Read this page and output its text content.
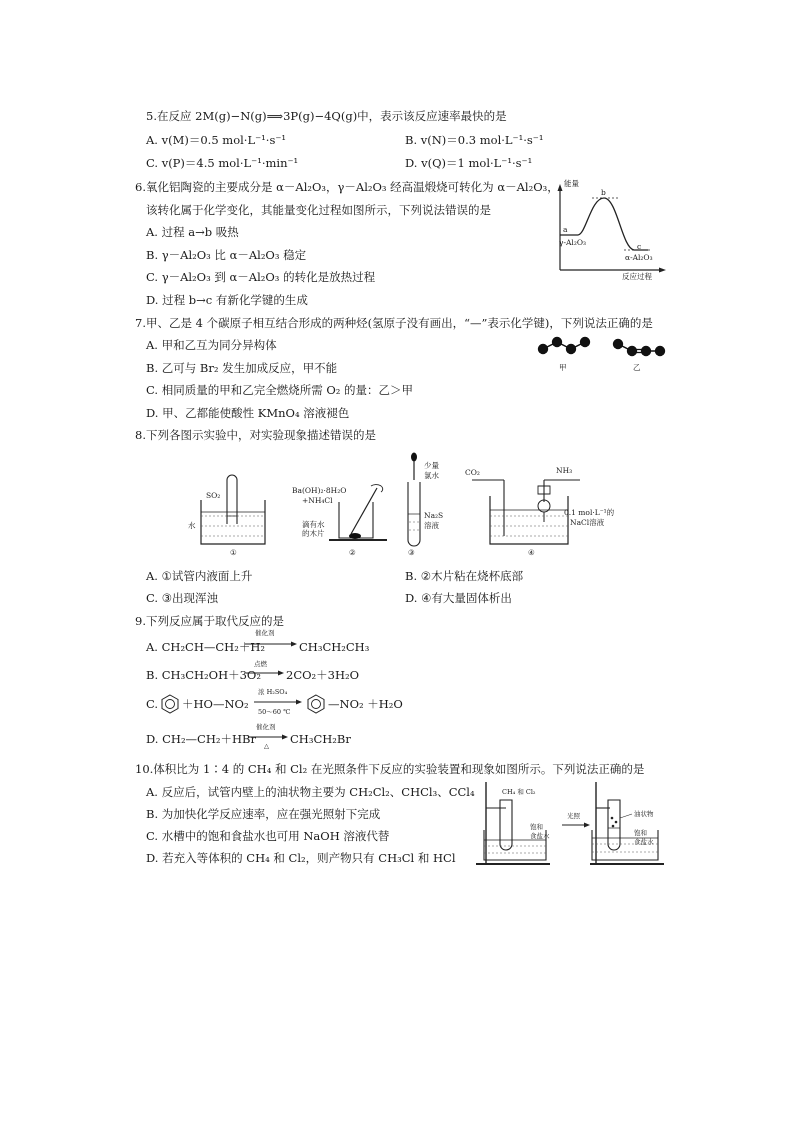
5.在反应 2M(g)−N(g)⟹3P(g)−4Q(g)中，表示该反应速率最快的是
A. v(M)＝0.5 mol·L⁻¹·s⁻¹	B. v(N)＝0.3 mol·L⁻¹·s⁻¹
C. v(P)＝4.5 mol·L⁻¹·min⁻¹	D. v(Q)＝1 mol·L⁻¹·s⁻¹
6.氧化铝陶瓷的主要成分是 α－Al₂O₃，γ－Al₂O₃ 经高温煅烧可转化为 α－Al₂O₃，
该转化属于化学变化，其能量变化过程如图所示，下列说法错误的是
A. 过程 a→b 吸热
B. γ－Al₂O₃ 比 α－Al₂O₃ 稳定
C. γ－Al₂O₃ 到 α－Al₂O₃ 的转化是放热过程
D. 过程 b→c 有新化学键的生成
能量
b
a
γ-Al₂O₃	c
α-Al₂O₃
反应过程
7.甲、乙是 4 个碳原子相互结合形成的两种烃(氢原子没有画出，“—”表示化学键)，下列说法正确的是
A. 甲和乙互为同分异构体
B. 乙可与 Br₂ 发生加成反应，甲不能
C. 相同质量的甲和乙完全燃烧所需 O₂ 的量：乙＞甲
D. 甲、乙都能使酸性 KMnO₄ 溶液褪色
甲	乙
8.下列各图示实验中，对实验现象描述错误的是
SO₂
水
①
Ba(OH)₂·8H₂O
+NH₄Cl
滴有水
的木片
②
少量
氯水
Na₂S
溶液
③
CO₂	NH₃
0.1 mol·L⁻¹的
NaCl溶液
④
A. ①试管内液面上升	B. ②木片粘在烧杯底部
C. ③出现浑浊	D. ④有大量固体析出
9.下列反应属于取代反应的是
A. CH₂CH—CH₂＋H₂
催化剂
CH₃CH₂CH₃
B. CH₃CH₂OH＋3O₂
点燃
2CO₂＋3H₂O
C. ＋HO—NO₂
浓 H₂SO₄
50～60 ℃
—NO₂ ＋H₂O
D. CH₂—CH₂＋HBr
催化剂
△ CH₃CH₂Br
10.体积比为 1∶4 的 CH₄ 和 Cl₂ 在光照条件下反应的实验装置和现象如图所示。下列说法正确的是
A. 反应后，试管内壁上的油状物主要为 CH₂Cl₂、CHCl₃、CCl₄
B. 为加快化学反应速率，应在强光照射下完成
C. 水槽中的饱和食盐水也可用 NaOH 溶液代替
D. 若充入等体积的 CH₄ 和 Cl₂，则产物只有 CH₃Cl 和 HCl
CH₄ 和 Cl₂
饱和
食盐水
光照	油状物
饱和
食盐水
